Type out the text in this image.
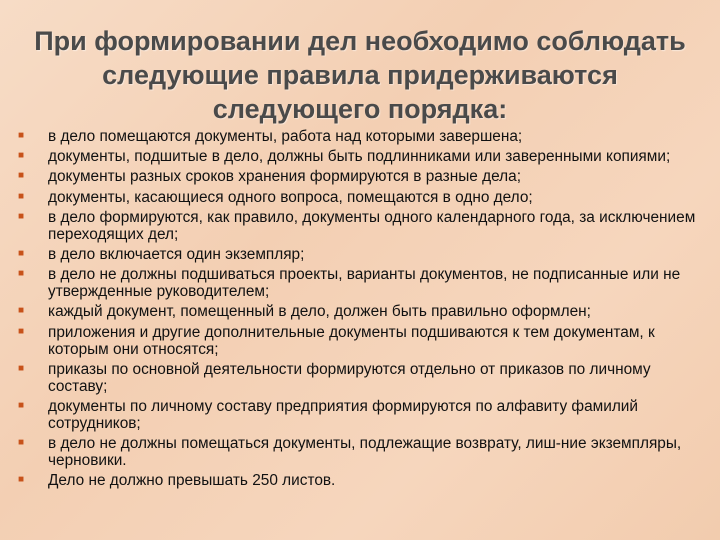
При формировании дел необходимо соблюдать
следующие правила придерживаются
следующего порядка:
■ в дело помещаются документы, работа над которыми завершена;
■ документы, подшитые в дело, должны быть подлинниками или заверенными копиями;
■ документы разных сроков хранения формируются в разные дела;
■ документы, касающиеся одного вопроса, помещаются в одно дело;
■ в дело формируются, как правило, документы одного календарного года, за исключением переходящих дел;
■ в дело включается один экземпляр;
■ в дело не должны подшиваться проекты, варианты документов, не подписанные или не утвержденные руководителем;
■ каждый документ, помещенный в дело, должен быть правильно оформлен;
■ приложения и другие дополнительные документы подшиваются к тем документам, к которым они относятся;
■ приказы по основной деятельности формируются отдельно от приказов по личному составу;
■ документы по личному составу предприятия формируются по алфавиту фамилий сотрудников;
■ в дело не должны помещаться документы, подлежащие возврату, лиш-ние экземпляры, черновики.
■ Дело не должно превышать 250 листов.
